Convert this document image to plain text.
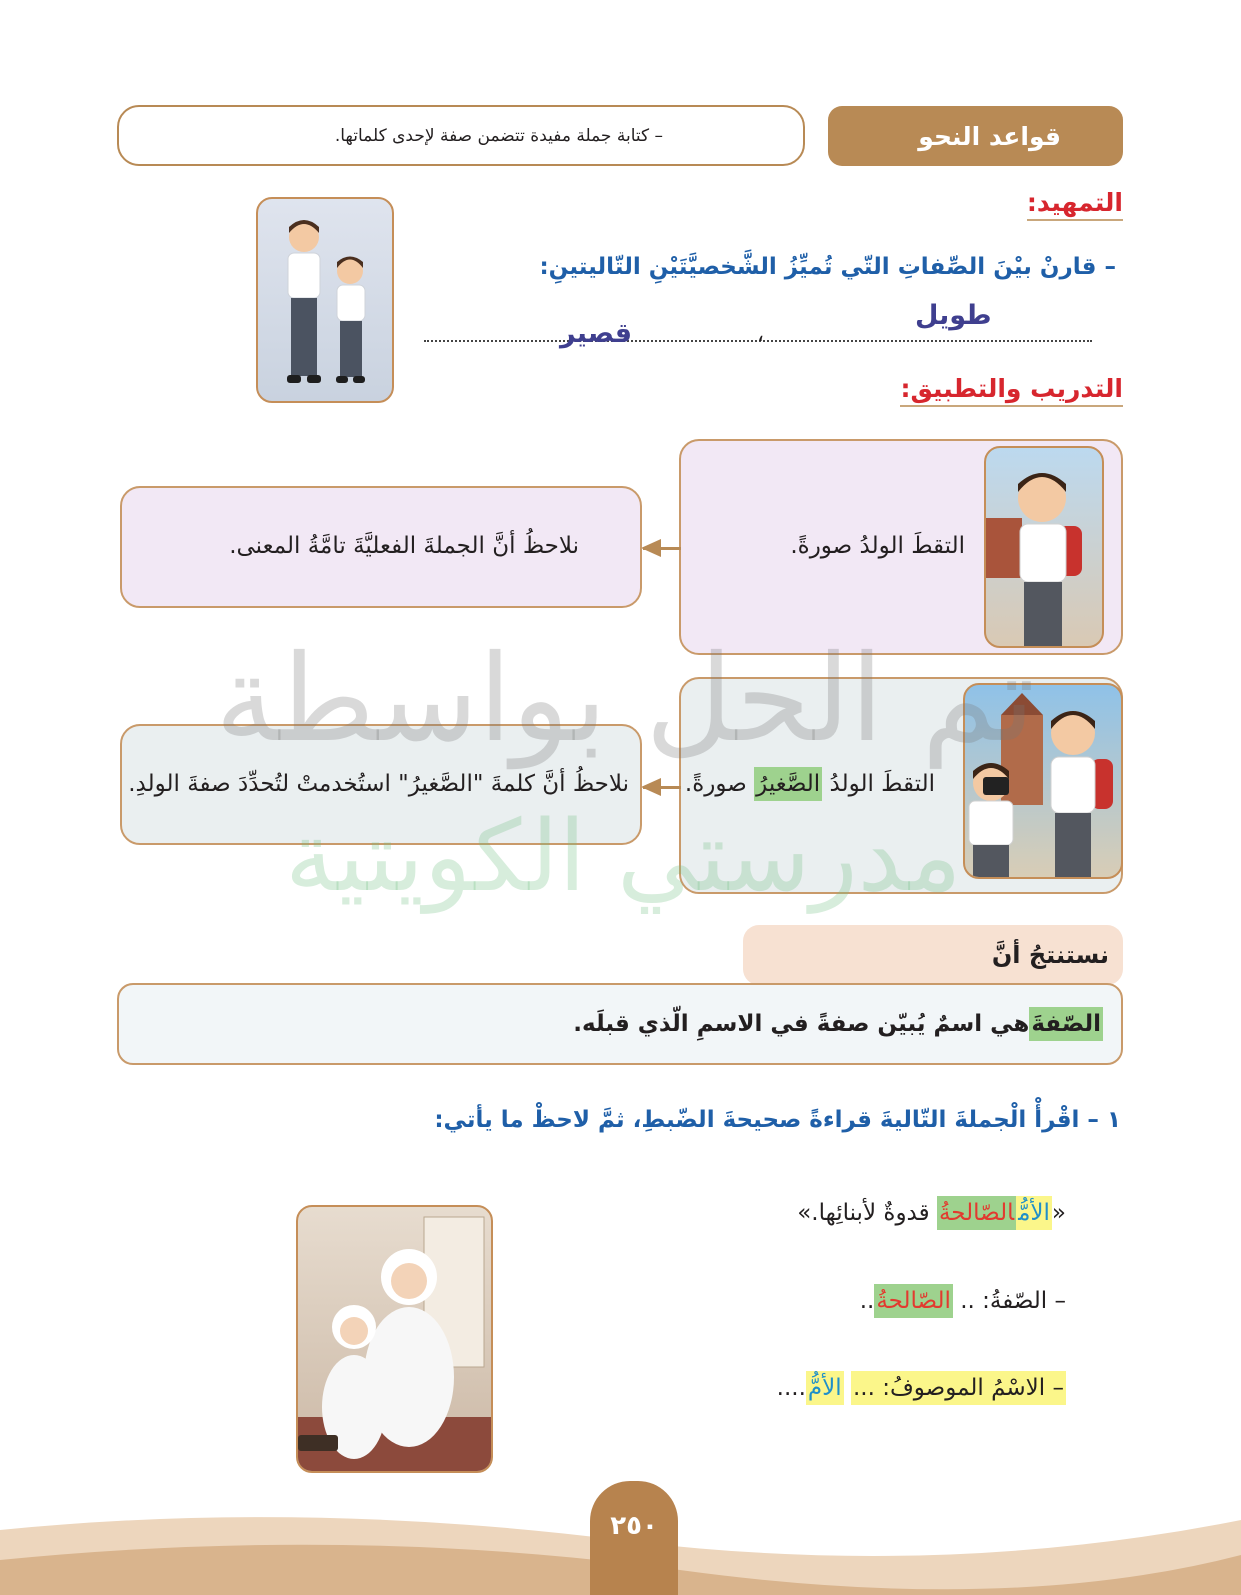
قواعد النحو
– كتابة جملة مفيدة تتضمن صفة لإحدى كلماتها.
التمهيد:
– قارنْ بيْنَ الصِّفاتِ التّي تُميِّزُ الشَّخصيَّتَيْنِ التّاليتينِ:
طويل
،
قصير
التدريب والتطبيق:
التقطَ الولدُ صورةً.
نلاحظُ أنَّ الجملةَ الفعليَّةَ تامَّةُ المعنى.
التقطَ الولدُ الصَّغيرُ صورةً.
نلاحظُ أنَّ كلمةَ "الصَّغيرُ" استُخدمتْ لتُحدِّدَ صفةَ الولدِ.
تم الحل بواسطة
مدرستي الكويتية
نستنتجُ أنَّ
الصّفةَ
هي اسمٌ يُبيّن صفةً في الاسمِ الّذي قبلَه.
١ – اقْرأْ الْجملةَ التّاليةَ قراءةً صحيحةَ الضّبطِ، ثمَّ لاحظْ ما يأتي:
«الأمُّالصّالحةُ قدوةٌ لأبنائِها.»
– الصّفةُ: .. الصّالحةُ..
– الاسْمُ الموصوفُ: ... الأمُّ....
٢٥٠
